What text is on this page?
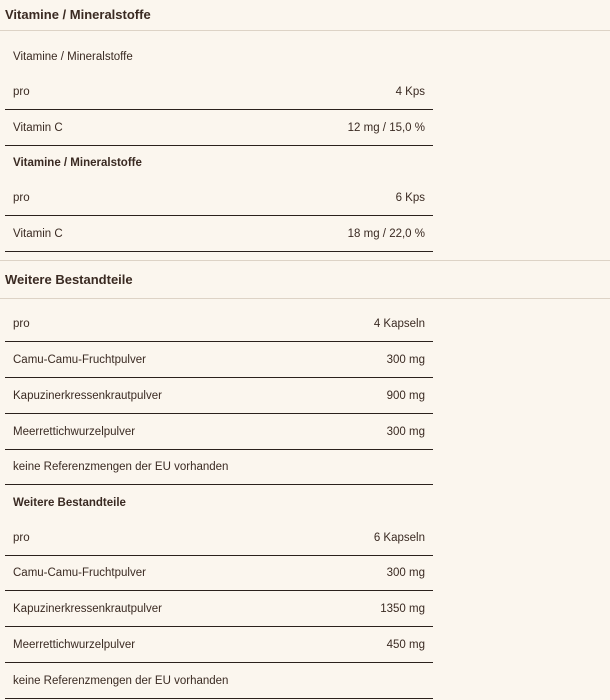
Vitamine / Mineralstoffe
Vitamine / Mineralstoffe
pro	4 Kps
Vitamin C	12 mg / 15,0 %
Vitamine / Mineralstoffe
pro	6 Kps
Vitamin C	18 mg / 22,0 %
Weitere Bestandteile
pro	4 Kapseln
Camu-Camu-Fruchtpulver	300 mg
Kapuzinerkressenkrautpulver	900 mg
Meerrettichwurzelpulver	300 mg
keine Referenzmengen der EU vorhanden
Weitere Bestandteile
pro	6 Kapseln
Camu-Camu-Fruchtpulver	300 mg
Kapuzinerkressenkrautpulver	1350 mg
Meerrettichwurzelpulver	450 mg
keine Referenzmengen der EU vorhanden
